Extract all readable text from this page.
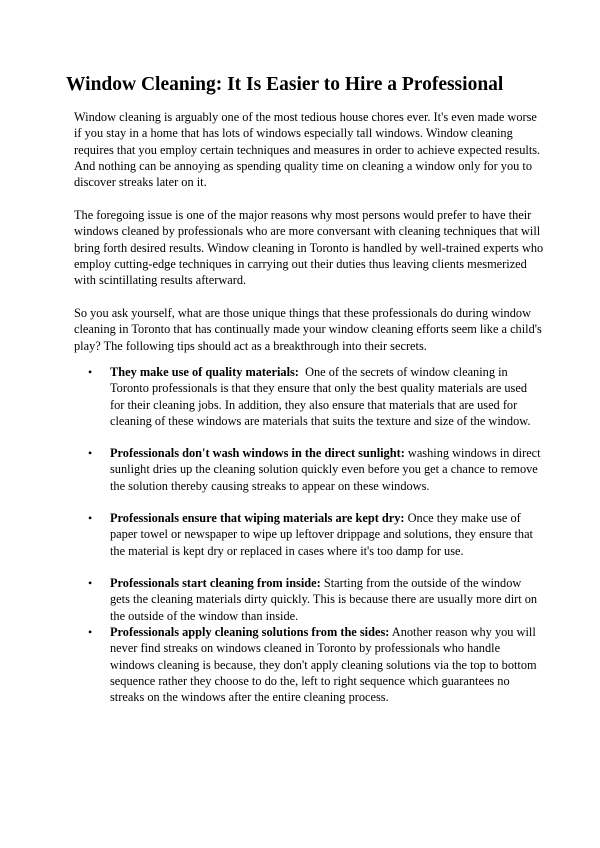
Window Cleaning: It Is Easier to Hire a Professional

Window cleaning is arguably one of the most tedious house chores ever. It's even made worse if you stay in a home that has lots of windows especially tall windows. Window cleaning requires that you employ certain techniques and measures in order to achieve expected results. And nothing can be annoying as spending quality time on cleaning a window only for you to discover streaks later on it.

The foregoing issue is one of the major reasons why most persons would prefer to have their windows cleaned by professionals who are more conversant with cleaning techniques that will bring forth desired results. Window cleaning in Toronto is handled by well-trained experts who employ cutting-edge techniques in carrying out their duties thus leaving clients mesmerized with scintillating results afterward.

So you ask yourself, what are those unique things that these professionals do during window cleaning in Toronto that has continually made your window cleaning efforts seem like a child's play? The following tips should act as a breakthrough into their secrets.

• They make use of quality materials:  One of the secrets of window cleaning in Toronto professionals is that they ensure that only the best quality materials are used for their cleaning jobs. In addition, they also ensure that materials that are used for cleaning of these windows are materials that suits the texture and size of the window.
• Professionals don't wash windows in the direct sunlight: washing windows in direct sunlight dries up the cleaning solution quickly even before you get a chance to remove the solution thereby causing streaks to appear on these windows.
• Professionals ensure that wiping materials are kept dry: Once they make use of paper towel or newspaper to wipe up leftover drippage and solutions, they ensure that the material is kept dry or replaced in cases where it's too damp for use.
• Professionals start cleaning from inside: Starting from the outside of the window gets the cleaning materials dirty quickly. This is because there are usually more dirt on the outside of the window than inside.
• Professionals apply cleaning solutions from the sides: Another reason why you will never find streaks on windows cleaned in Toronto by professionals who handle windows cleaning is because, they don't apply cleaning solutions via the top to bottom sequence rather they choose to do the, left to right sequence which guarantees no streaks on the windows after the entire cleaning process.
